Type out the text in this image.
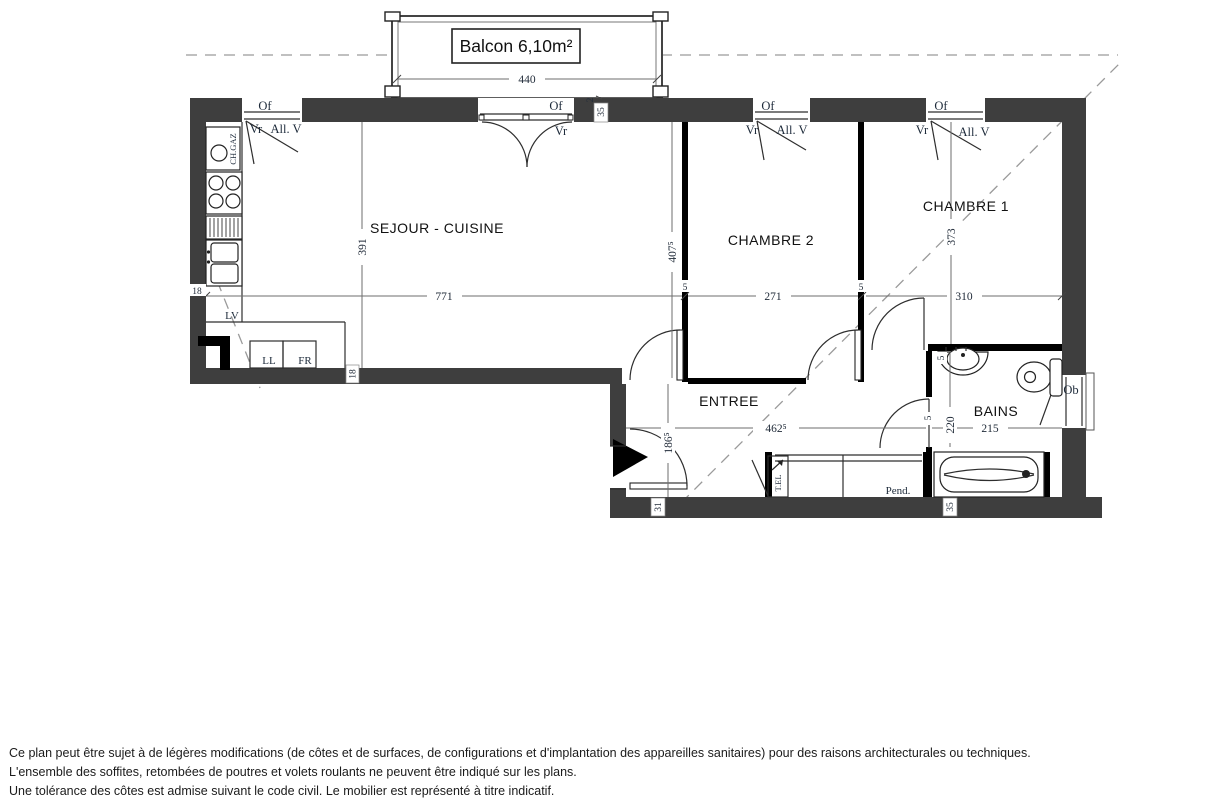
440
Balcon 6,10m²
Of
Vr All. V
Of
Vr
Of
Vr All. V
Of
Vr All. V
Ob
CH.GAZ
LV
LL FR
Pend.
T.EL
771	271	310
5	5
18
391	407⁵
373
462⁵	215
5
186⁵
220
5
2
35
18
31	35
SEJOUR - CUISINE
CHAMBRE 2
CHAMBRE 1
ENTREE
BAINS
Ce plan peut être sujet à de légères modifications (de côtes et de surfaces, de configurations et d'implantation des appareilles sanitaires) pour des raisons architecturales ou techniques.
L'ensemble des soffites, retombées de poutres et volets roulants ne peuvent être indiqué sur les plans.
Une tolérance des côtes est admise suivant le code civil. Le mobilier est représenté à titre indicatif.
